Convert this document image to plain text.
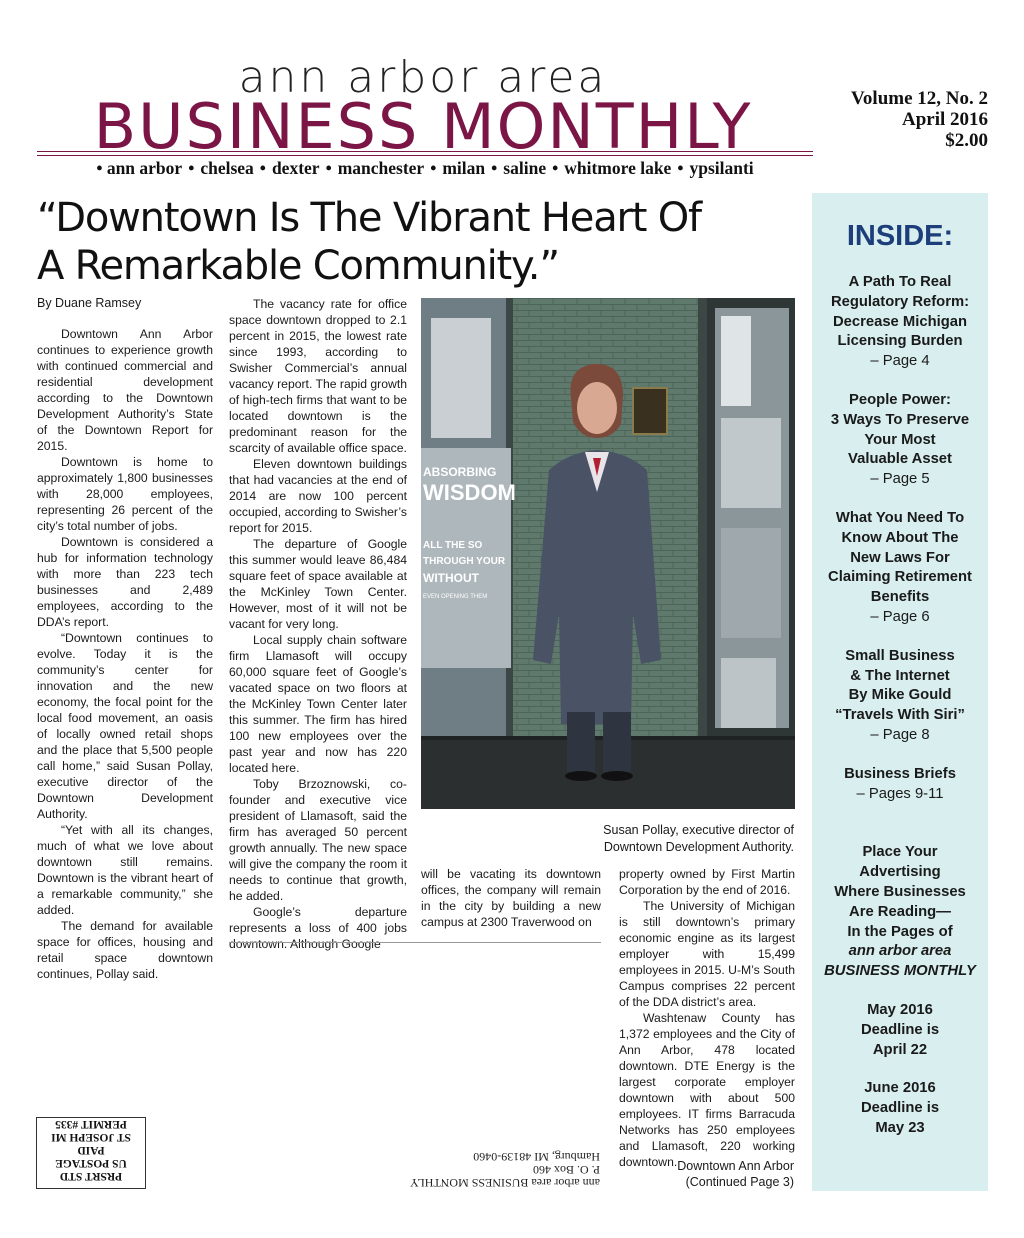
ann arbor area
BUSINESS MONTHLY
• ann arbor • chelsea • dexter • manchester • milan • saline • whitmore lake • ypsilanti
Volume 12, No. 2
April 2016
$2.00
“Downtown Is The Vibrant Heart Of
A Remarkable Community.”
By Duane Ramsey

Downtown Ann Arbor continues to experience growth with continued commercial and residential development according to the Downtown Development Authority’s State of the Downtown Report for 2015.

Downtown is home to approximately 1,800 businesses with 28,000 employees, representing 26 percent of the city’s total number of jobs.

Downtown is considered a hub for information technology with more than 223 tech businesses and 2,489 employees, according to the DDA’s report.

“Downtown continues to evolve. Today it is the community’s center for innovation and the new economy, the focal point for the local food movement, an oasis of locally owned retail shops and the place that 5,500 people call home,” said Susan Pollay, executive director of the Downtown Development Authority.

“Yet with all its changes, much of what we love about downtown still remains. Downtown is the vibrant heart of a remarkable community,” she added.

The demand for available space for offices, housing and retail space downtown continues, Pollay said.

The vacancy rate for office space downtown dropped to 2.1 percent in 2015, the lowest rate since 1993, according to Swisher Commercial’s annual vacancy report. The rapid growth of high-tech firms that want to be located downtown is the predominant reason for the scarcity of available office space.

Eleven downtown buildings that had vacancies at the end of 2014 are now 100 percent occupied, according to Swisher’s report for 2015.

The departure of Google this summer would leave 86,484 square feet of space available at the McKinley Town Center. However, most of it will not be vacant for very long.

Local supply chain software firm Llamasoft will occupy 60,000 square feet of Google’s vacated space on two floors at the McKinley Town Center later this summer. The firm has hired 100 new employees over the past year and now has 220 located here.

Toby Brzoznowski, co-founder and executive vice president of Llamasoft, said the firm has averaged 50 percent growth annually. The new space will give the company the room it needs to continue that growth, he added.

Google’s departure represents a loss of 400 jobs downtown. Although Google

ABSORBING
WISDOM
ALL THE SO
THROUGH YOUR
WITHOUT
EVEN OPENING THEM
Susan Pollay, executive director of
Downtown Development Authority.

will be vacating its downtown offices, the company will remain in the city by building a new campus at 2300 Traverwood on

property owned by First Martin Corporation by the end of 2016.

The University of Michigan is still downtown’s primary economic engine as its largest employer with 15,499 employees in 2015. U-M’s South Campus comprises 22 percent of the DDA district’s area.

Washtenaw County has 1,372 employees and the City of Ann Arbor, 478 located downtown. DTE Energy is the largest corporate employer downtown with about 500 employees. IT firms Barracuda Networks has 250 employees and Llamasoft, 220 working downtown. Downtown Ann Arbor
(Continued Page 3)
ann arbor area BUSINESS MONTHLY
P. O. Box 460
Hamburg, MI 48139-0460
PRSRT STD
US POSTAGE
PAID
ST JOSEPH MI
PERMIT #335
INSIDE:
A Path To Real
Regulatory Reform:
Decrease Michigan
Licensing Burden
– Page 4
People Power:
3 Ways To Preserve
Your Most
Valuable Asset
– Page 5
What You Need To
Know About The
New Laws For
Claiming Retirement
Benefits
– Page 6
Small Business
& The Internet
By Mike Gould
“Travels With Siri”
– Page 8
Business Briefs
– Pages 9-11
Place Your
Advertising
Where Businesses
Are Reading—
In the Pages of
ann arbor area
BUSINESS MONTHLY
May 2016
Deadline is
April 22
June 2016
Deadline is
May 23
